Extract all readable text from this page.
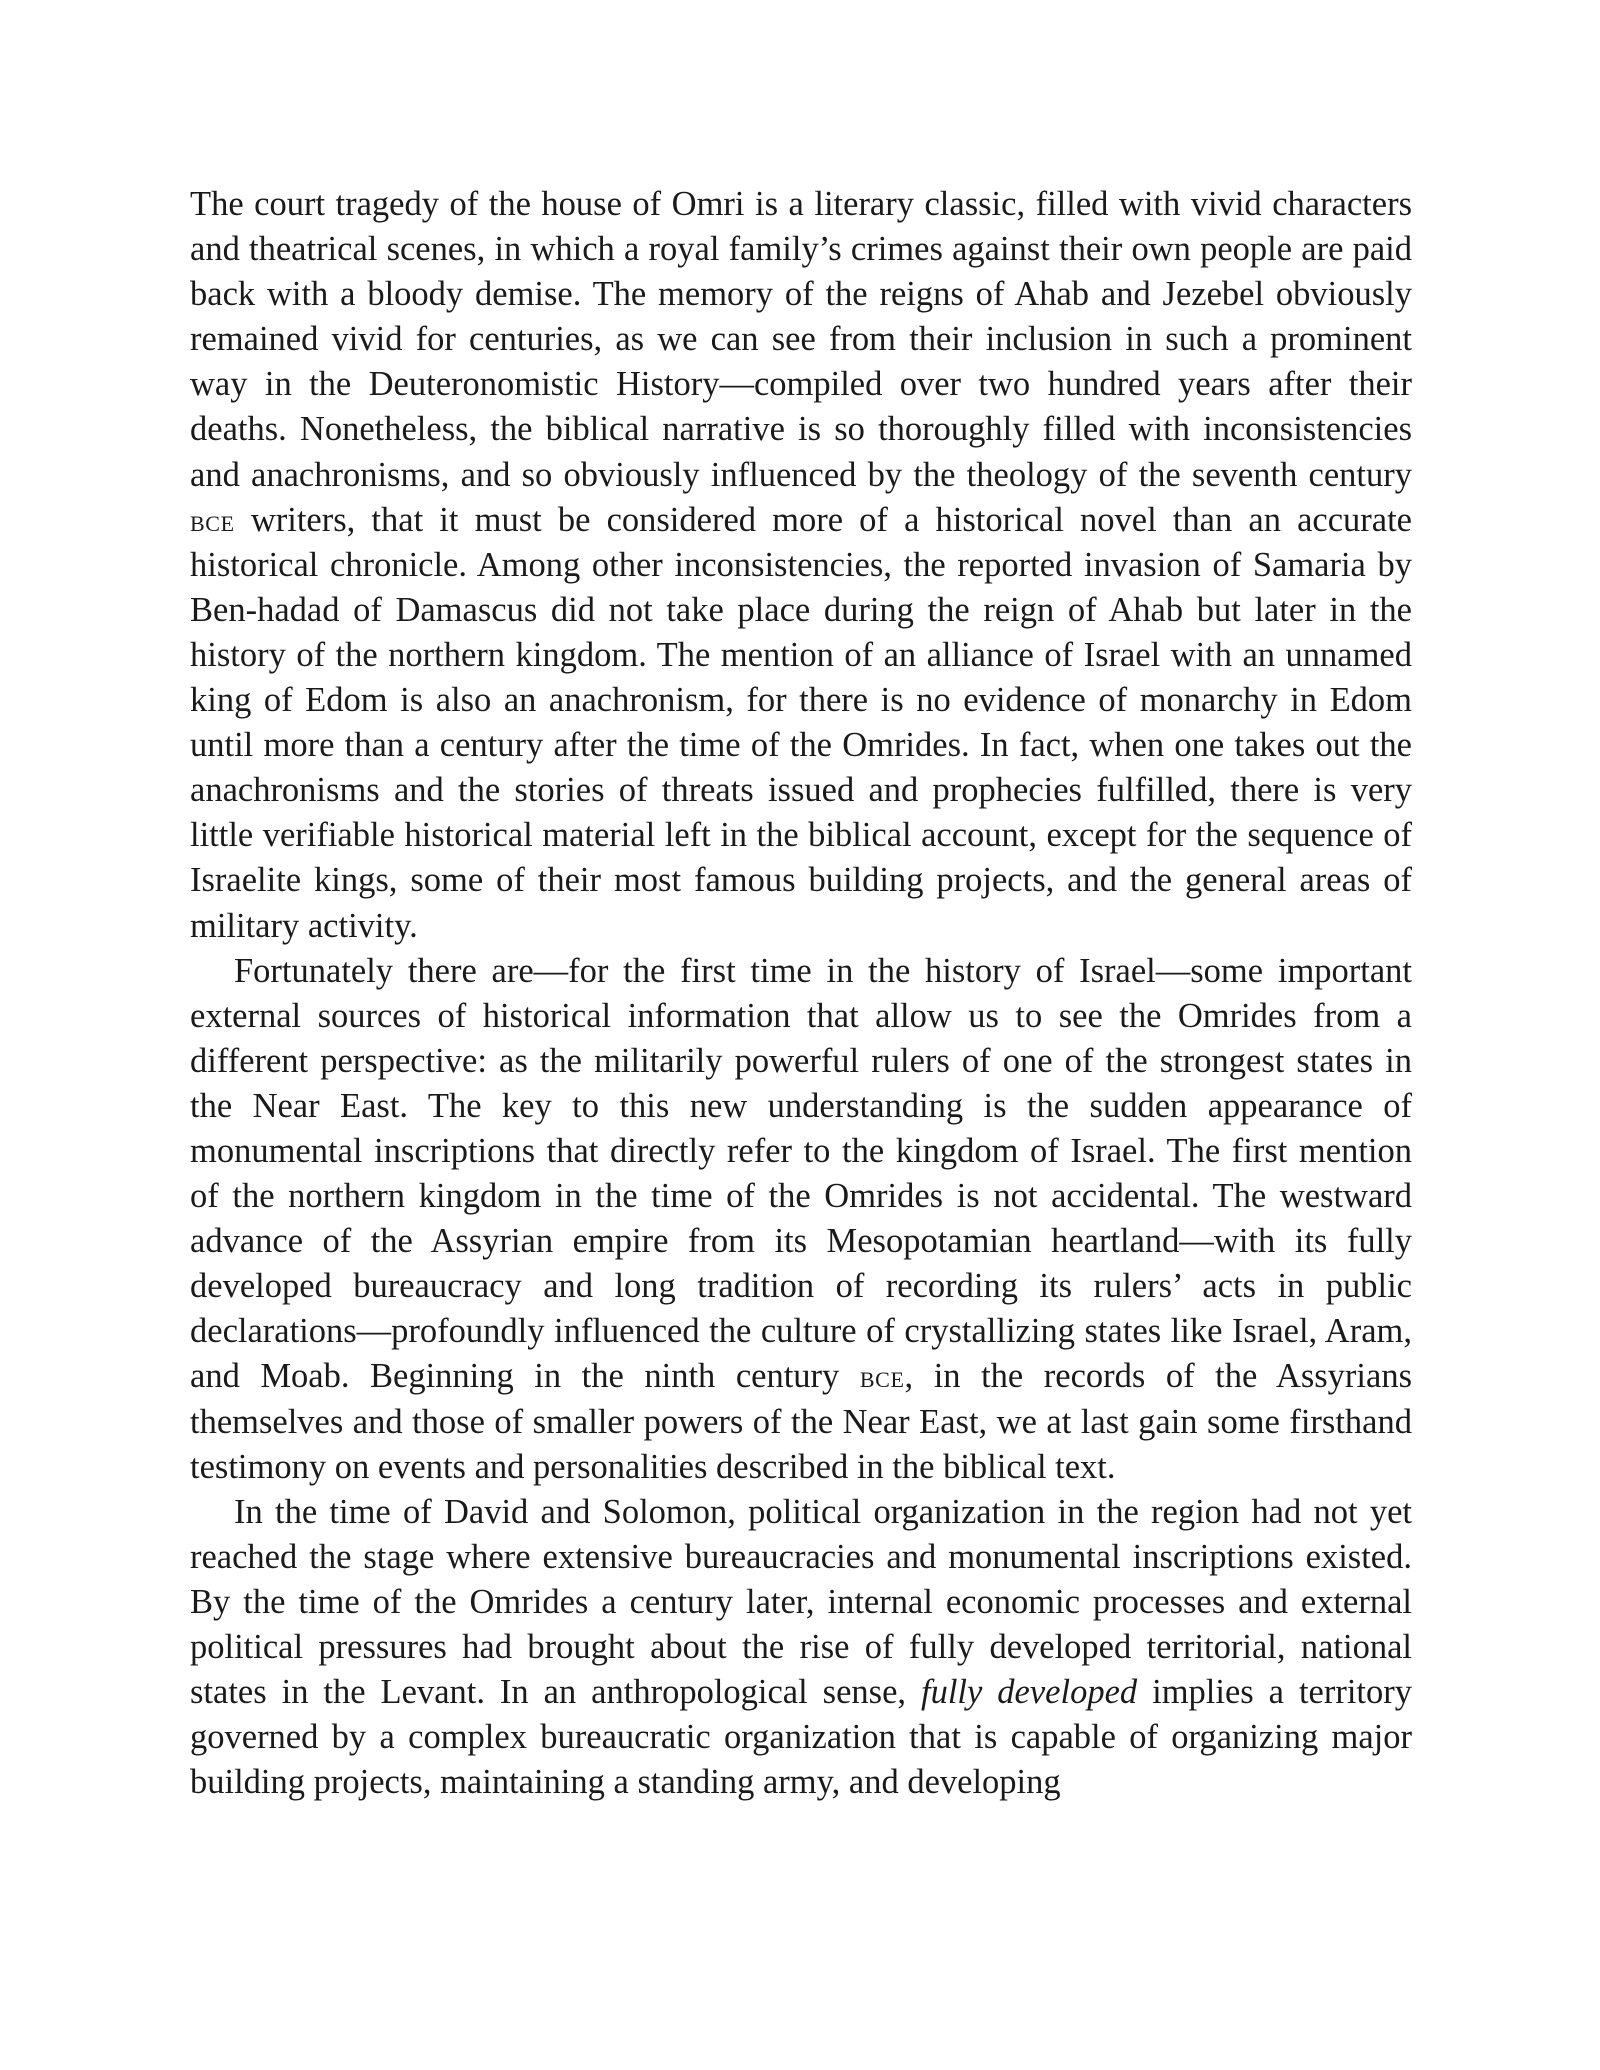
The court tragedy of the house of Omri is a literary classic, filled with vivid characters and theatrical scenes, in which a royal family’s crimes against their own people are paid back with a bloody demise. The memory of the reigns of Ahab and Jezebel obviously remained vivid for centuries, as we can see from their inclusion in such a prominent way in the Deuteronomistic History—compiled over two hundred years after their deaths. Nonetheless, the biblical narrative is so thoroughly filled with inconsistencies and anachronisms, and so obviously influenced by the theology of the seventh century bce writers, that it must be considered more of a historical novel than an accurate historical chronicle. Among other inconsistencies, the reported invasion of Samaria by Ben-hadad of Damascus did not take place during the reign of Ahab but later in the history of the northern kingdom. The mention of an alliance of Israel with an unnamed king of Edom is also an anachronism, for there is no evidence of monarchy in Edom until more than a century after the time of the Omrides. In fact, when one takes out the anachronisms and the stories of threats issued and prophecies fulfilled, there is very little verifiable historical material left in the biblical account, except for the sequence of Israelite kings, some of their most famous building projects, and the general areas of military activity.

Fortunately there are—for the first time in the history of Israel—some important external sources of historical information that allow us to see the Omrides from a different perspective: as the militarily powerful rulers of one of the strongest states in the Near East. The key to this new understanding is the sudden appearance of monumental inscriptions that directly refer to the kingdom of Israel. The first mention of the northern kingdom in the time of the Omrides is not accidental. The westward advance of the Assyrian empire from its Mesopotamian heartland—with its fully developed bureaucracy and long tradition of recording its rulers’ acts in public declarations—profoundly influenced the culture of crystallizing states like Israel, Aram, and Moab. Beginning in the ninth century bce, in the records of the Assyrians themselves and those of smaller powers of the Near East, we at last gain some firsthand testimony on events and personalities described in the biblical text.

In the time of David and Solomon, political organization in the region had not yet reached the stage where extensive bureaucracies and monumental inscriptions existed. By the time of the Omrides a century later, internal economic processes and external political pressures had brought about the rise of fully developed territorial, national states in the Levant. In an anthropological sense, fully developed implies a territory governed by a complex bureaucratic organization that is capable of organizing major building projects, maintaining a standing army, and developing
